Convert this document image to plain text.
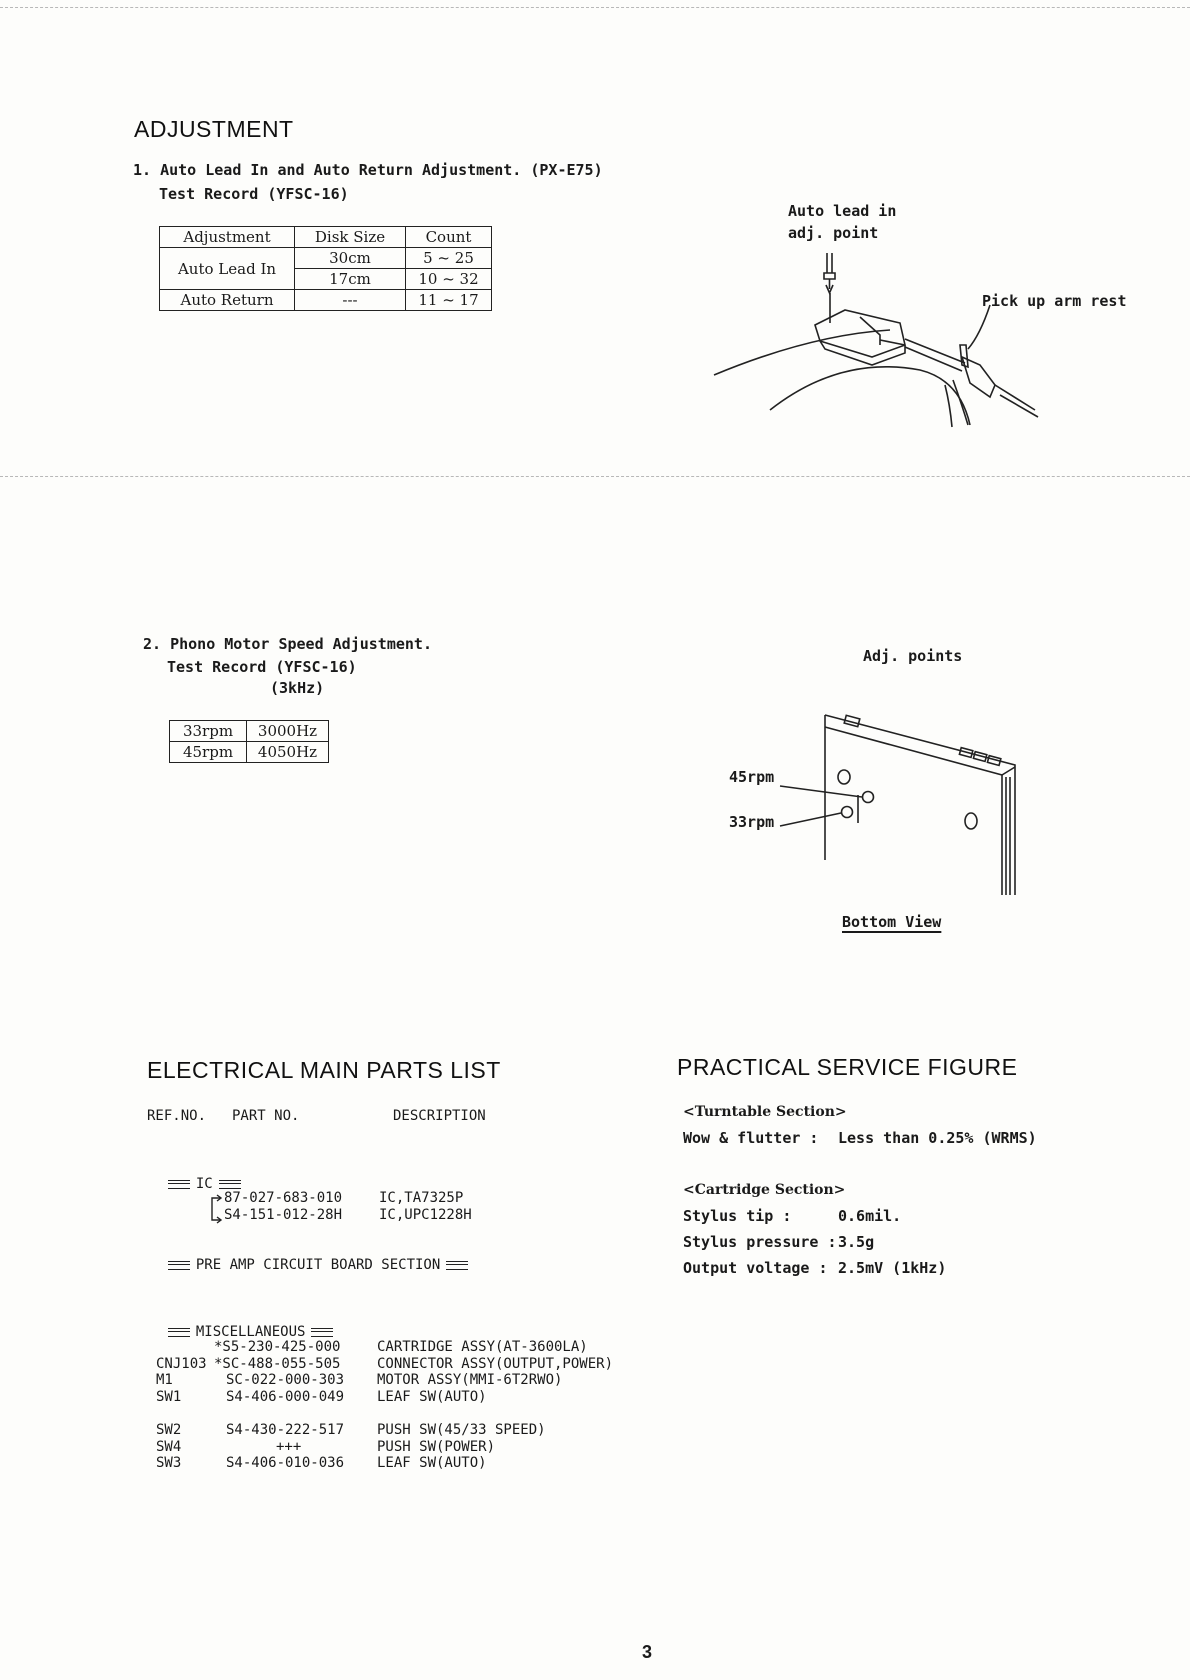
ADJUSTMENT
1. Auto Lead In and Auto Return Adjustment. (PX-E75)
Test Record (YFSC-16)
Adjustment	Disk Size	Count
Auto Lead In	30cm	5 ~ 25
	17cm	10 ~ 32
Auto Return	---	11 ~ 17
Auto lead in
adj. point
Pick up arm rest
2. Phono Motor Speed Adjustment.
Test Record (YFSC-16)
(3kHz)
33rpm	3000Hz
45rpm	4050Hz
Adj. points
45rpm
33rpm
Bottom View
ELECTRICAL MAIN PARTS LIST
REF.NO. PART NO.	DESCRIPTION

IC

87-027-683-010	IC,TA7325P
S4-151-012-28H	IC,UPC1228H

PRE AMP CIRCUIT BOARD SECTION

MISCELLANEOUS

	*S5-230-425-000	CARTRIDGE ASSY(AT-3600LA)
CNJ103	*SC-488-055-505	CONNECTOR ASSY(OUTPUT,POWER)
M1	SC-022-000-303	MOTOR ASSY(MMI-6T2RWO)
SW1	S4-406-000-049	LEAF SW(AUTO)
SW2	S4-430-222-517	PUSH SW(45/33 SPEED)
SW4	+++	PUSH SW(POWER)
SW3	S4-406-010-036	LEAF SW(AUTO)
PRACTICAL SERVICE FIGURE
<Turntable Section>
Wow & flutter : Less than 0.25% (WRMS)
<Cartridge Section>
Stylus tip :	0.6mil.
Stylus pressure : 3.5g
Output voltage : 2.5mV (1kHz)
3
